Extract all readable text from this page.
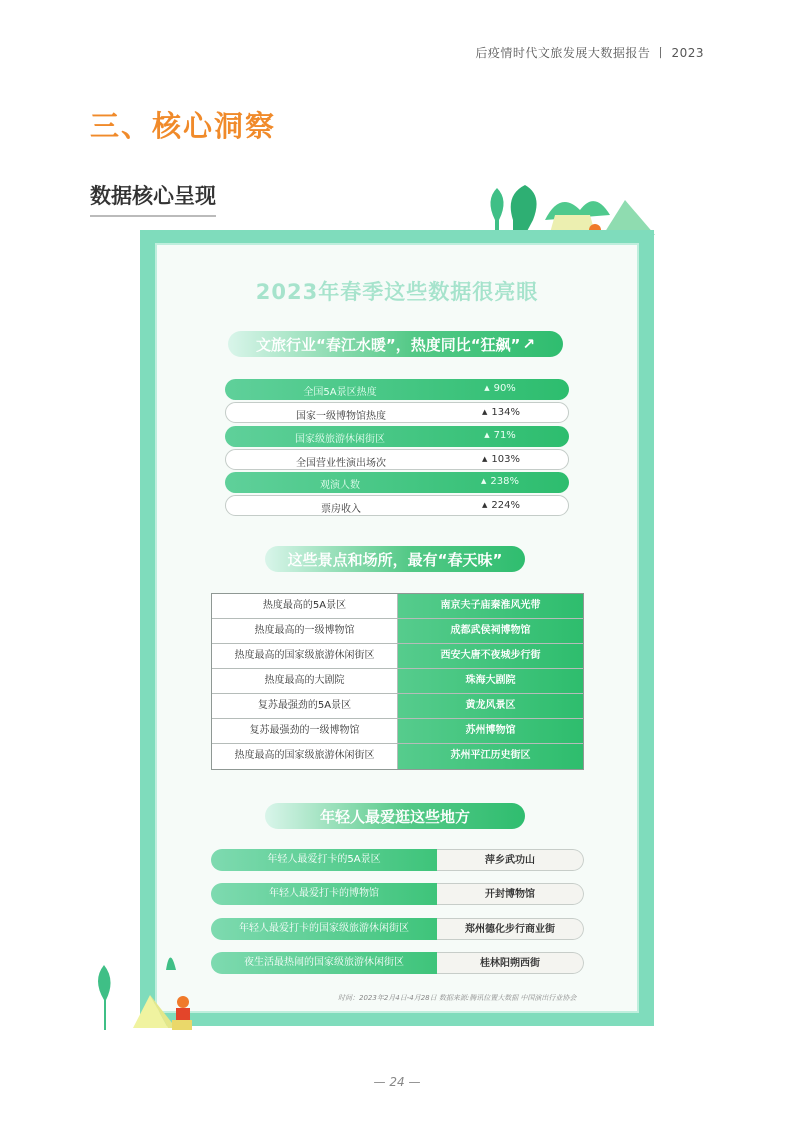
后疫情时代文旅发展大数据报告 丨 2023
三、核心洞察
数据核心呈现
2023年春季这些数据很亮眼
文旅行业“春江水暖”，热度同比“狂飙” ↗
全国5A景区热度	▲ 90%
国家一级博物馆热度	▲ 134%
国家级旅游休闲街区	▲ 71%
全国营业性演出场次	▲ 103%
观演人数	▲ 238%
票房收入	▲ 224%
这些景点和场所，最有“春天味”
热度最高的5A景区	南京夫子庙秦淮风光带
热度最高的一级博物馆	成都武侯祠博物馆
热度最高的国家级旅游休闲街区	西安大唐不夜城步行街
热度最高的大剧院	珠海大剧院
复苏最强劲的5A景区	黄龙风景区
复苏最强劲的一级博物馆	苏州博物馆
热度最高的国家级旅游休闲街区	苏州平江历史街区
年轻人最爱逛这些地方
年轻人最爱打卡的5A景区	萍乡武功山
年轻人最爱打卡的博物馆	开封博物馆
年轻人最爱打卡的国家级旅游休闲街区	郑州德化步行商业街
夜生活最热闹的国家级旅游休闲街区	桂林阳朔西街
时间：2023年2月4日-4月28日 数据来源:腾讯位置大数据 中国演出行业协会
— 24 —
